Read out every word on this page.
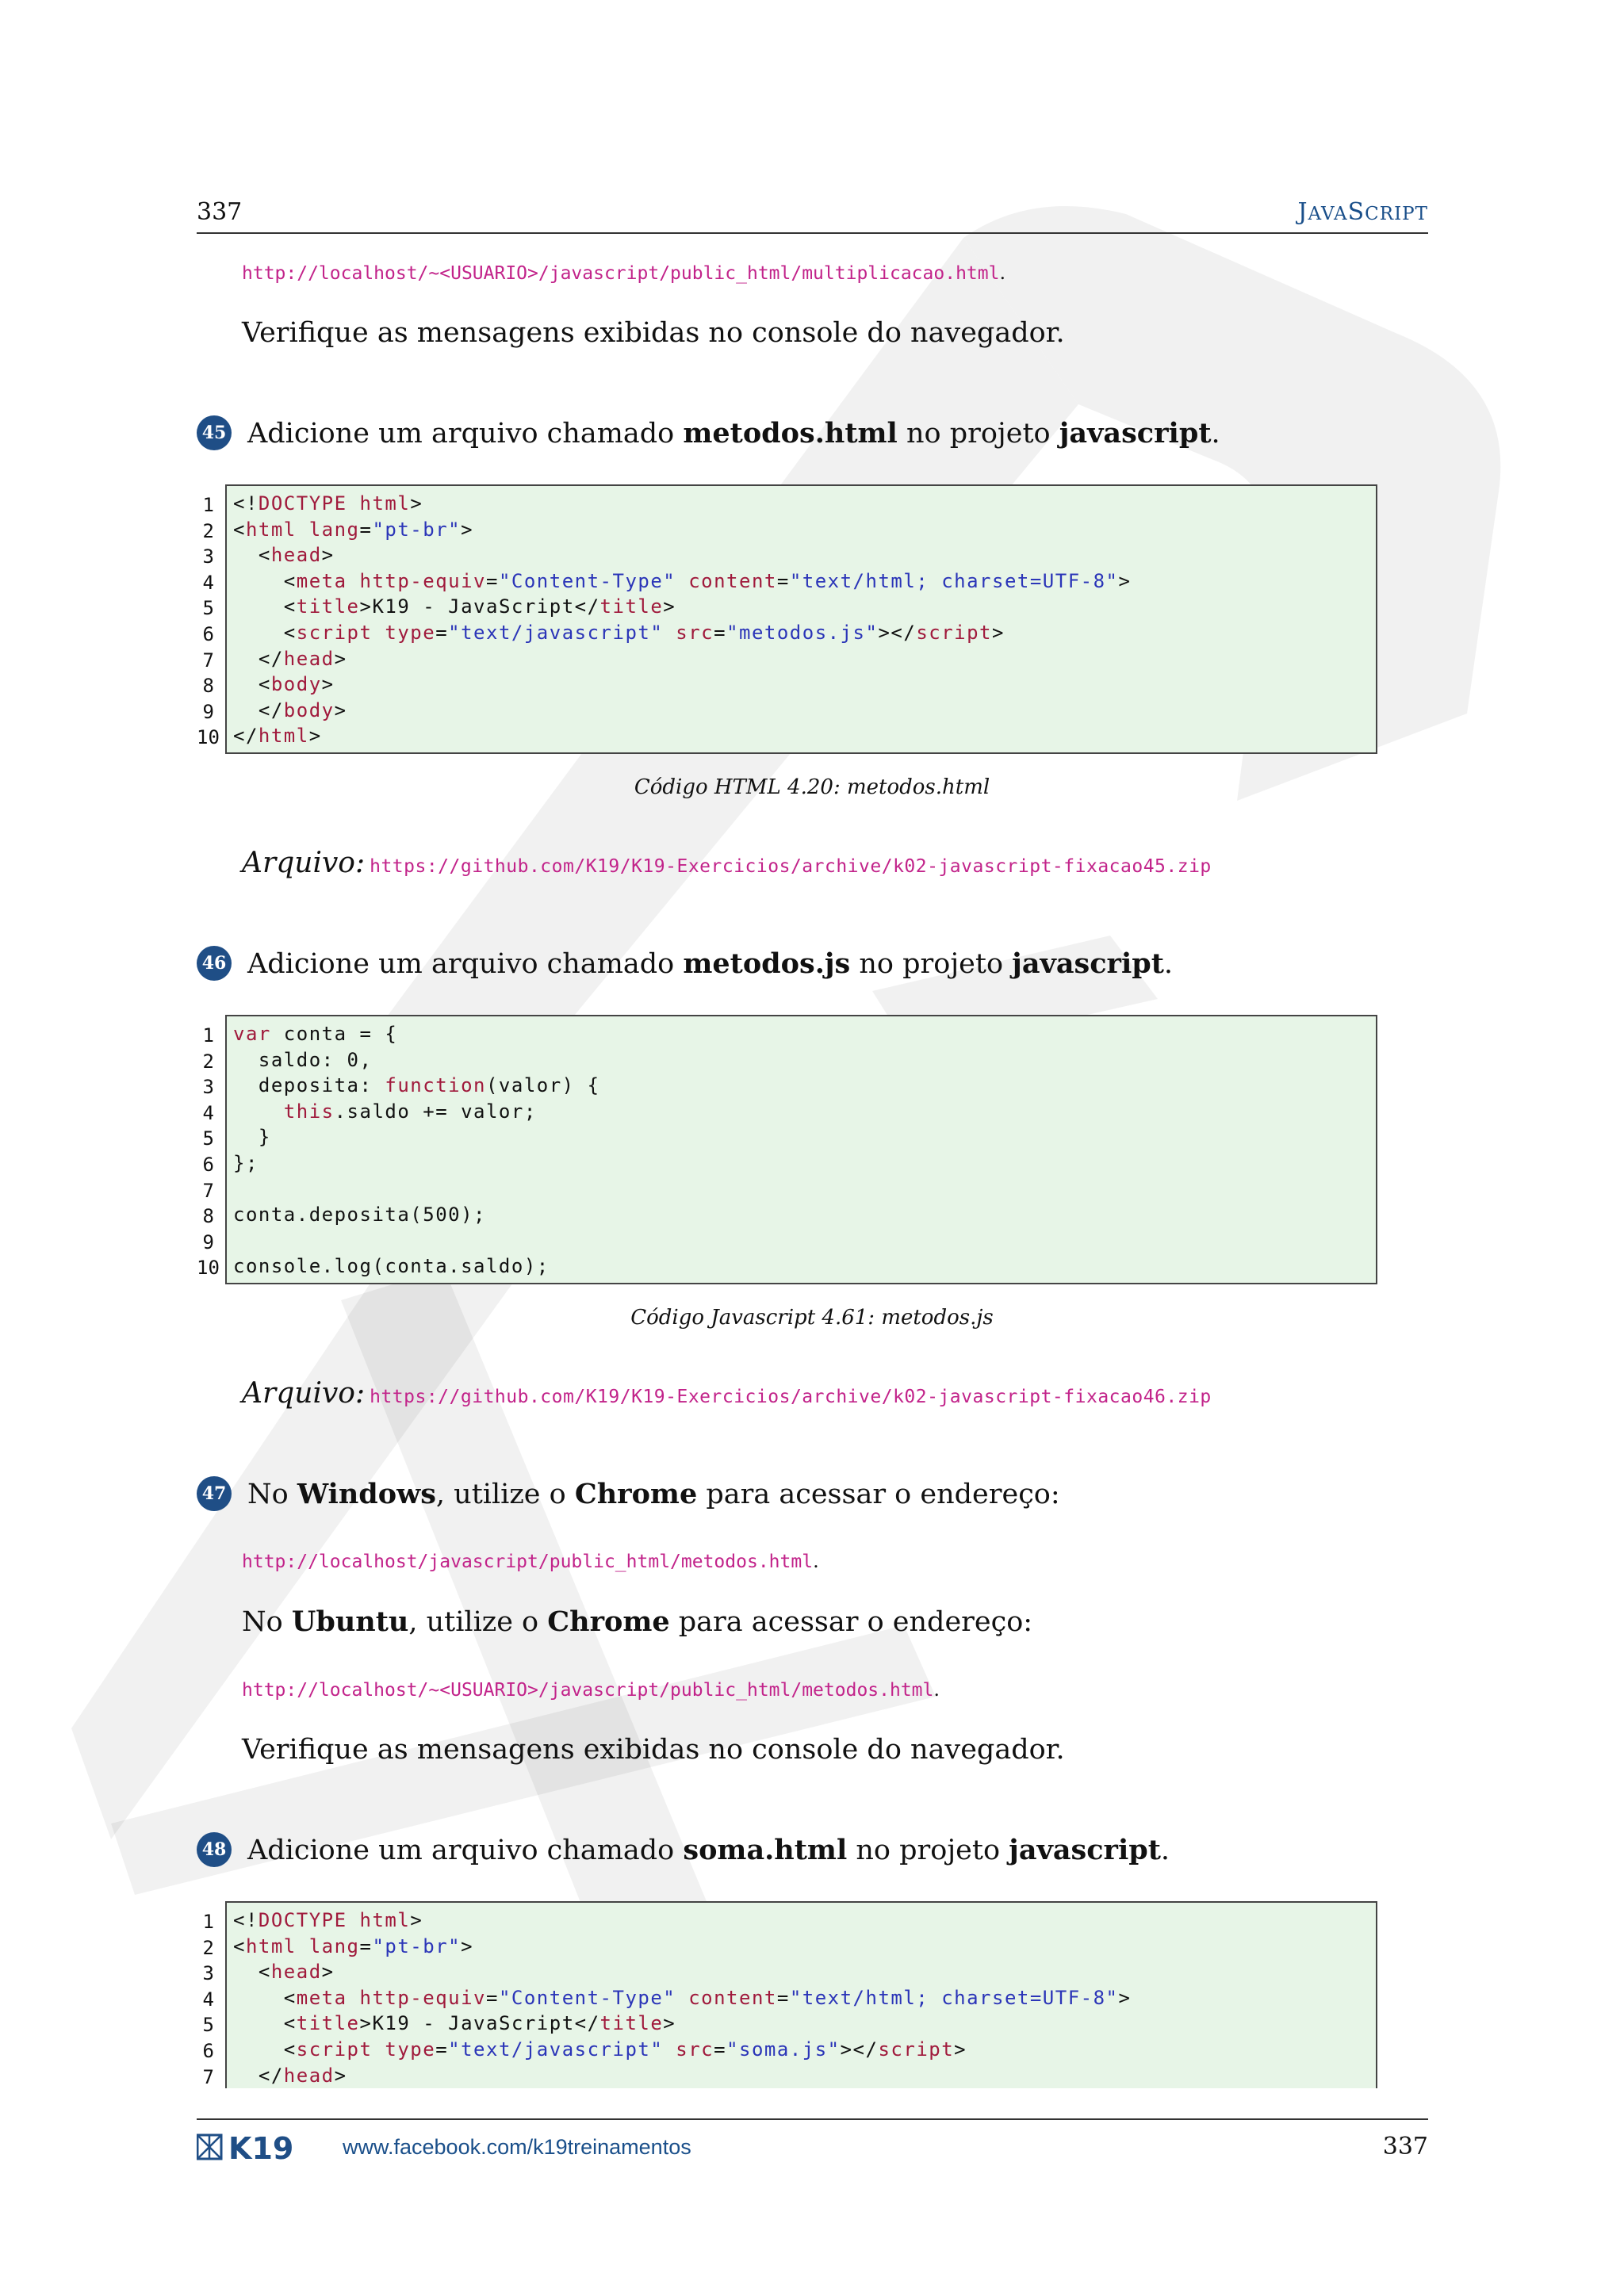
337	JAVASCRIPT
http://localhost/~<USUARIO>/javascript/public_html/multiplicacao.html.
Verifique as mensagens exibidas no console do navegador.
45 Adicione um arquivo chamado metodos.html no projeto javascript.
1
2
3
4
5
6
7
8
9
10
<!DOCTYPE html>
<html lang="pt-br">
<head>
<meta http-equiv="Content-Type" content="text/html; charset=UTF-8">
<title>K19 - JavaScript</title>
<script type="text/javascript" src="metodos.js"></script>
</head>
<body>
</body>
</html>
Código HTML 4.20: metodos.html
Arquivo: https://github.com/K19/K19-Exercicios/archive/k02-javascript-fixacao45.zip
46 Adicione um arquivo chamado metodos.js no projeto javascript.
1
2
3
4
5
6
7
8
9
10
var conta = {
saldo: 0,
deposita: function(valor) {
this.saldo += valor;
}
};

conta.deposita(500);

console.log(conta.saldo);
Código Javascript 4.61: metodos.js
Arquivo: https://github.com/K19/K19-Exercicios/archive/k02-javascript-fixacao46.zip
47 No Windows, utilize o Chrome para acessar o endereço:
http://localhost/javascript/public_html/metodos.html.
No Ubuntu, utilize o Chrome para acessar o endereço:
http://localhost/~<USUARIO>/javascript/public_html/metodos.html.
Verifique as mensagens exibidas no console do navegador.
48 Adicione um arquivo chamado soma.html no projeto javascript.
1
2
3
4
5
6
7
<!DOCTYPE html>
<html lang="pt-br">
<head>
<meta http-equiv="Content-Type" content="text/html; charset=UTF-8">
<title>K19 - JavaScript</title>
<script type="text/javascript" src="soma.js"></script>
</head>
K19 www.facebook.com/k19treinamentos	337
